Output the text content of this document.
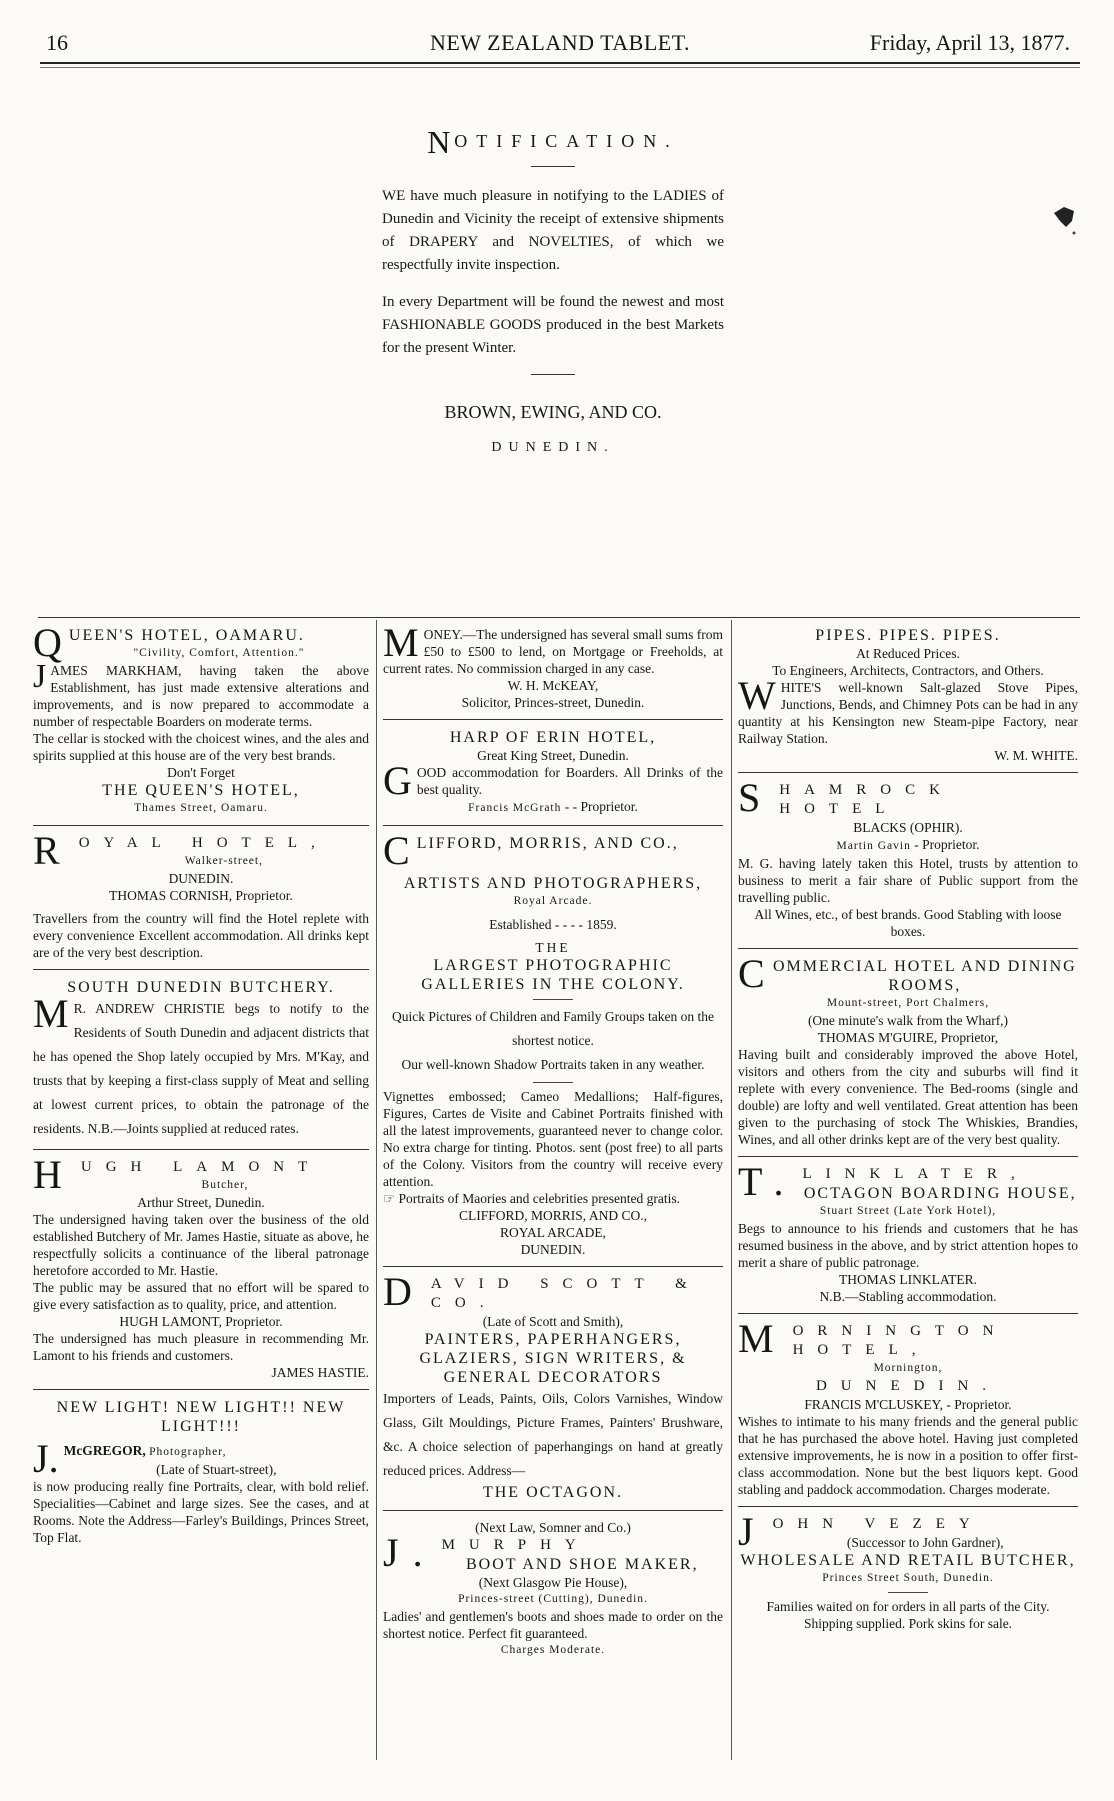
16	NEW ZEALAND TABLET.	Friday, April 13, 1877.
NOTIFICATION.

WE have much pleasure in notifying to the LADIES of Dunedin and Vicinity the receipt of extensive shipments of DRAPERY and NOVELTIES, of which we respectfully invite inspection.

In every Department will be found the newest and most FASHIONABLE GOODS produced in the best Markets for the present Winter.

BROWN, EWING, AND CO.
DUNEDIN.
QUEEN'S HOTEL, OAMARU.
"Civility, Comfort, Attention."
JAMES MARKHAM, having taken the above Establishment, has just made extensive alterations and improvements, and is now prepared to accommodate a number of respectable Boarders on moderate terms.
The cellar is stocked with the choicest wines, and the ales and spirits supplied at this house are of the very best brands.
Don't Forget
THE QUEEN'S HOTEL,
Thames Street, Oamaru.
ROYAL HOTEL,
Walker-street,
DUNEDIN.
THOMAS CORNISH, Proprietor.
Travellers from the country will find the Hotel replete with every convenience Excellent accommodation. All drinks kept are of the very best description.
SOUTH DUNEDIN BUTCHERY.
M R. ANDREW CHRISTIE begs to notify to the Residents of South Dunedin and adjacent districts that he has opened the Shop lately occupied by Mrs. M'Kay, and trusts that by keeping a first-class supply of Meat and selling at lowest current prices, to obtain the patronage of the residents. N.B.—Joints supplied at reduced rates.
HUGH LAMONT
Butcher,
Arthur Street, Dunedin.
The undersigned having taken over the business of the old established Butchery of Mr. James Hastie, situate as above, he respectfully solicits a continuance of the liberal patronage heretofore accorded to Mr. Hastie.
The public may be assured that no effort will be spared to give every satisfaction as to quality, price, and attention.
HUGH LAMONT, Proprietor.
The undersigned has much pleasure in recommending Mr. Lamont to his friends and customers.
JAMES HASTIE.
NEW LIGHT! NEW LIGHT!! NEW LIGHT!!!
J. McGREGOR, Photographer,
(Late of Stuart-street),
is now producing really fine Portraits, clear, with bold relief. Specialities—Cabinet and large sizes. See the cases, and at Rooms. Note the Address—Farley's Buildings, Princes Street, Top Flat.
MONEY.—The undersigned has several small sums from £50 to £500 to lend, on Mortgage or Freeholds, at current rates. No commission charged in any case.
W. H. McKEAY,
Solicitor, Princes-street, Dunedin.
HARP OF ERIN HOTEL,
Great King Street, Dunedin.
GOOD accommodation for Boarders. All Drinks of the best quality.
Francis McGrath - - Proprietor.
CLIFFORD, MORRIS, AND CO.,
ARTISTS AND PHOTOGRAPHERS,
Royal Arcade.
Established - - - - 1859.
THE
LARGEST PHOTOGRAPHIC GALLERIES IN THE COLONY.
Quick Pictures of Children and Family Groups taken on the shortest notice.
Our well-known Shadow Portraits taken in any weather.
Vignettes embossed; Cameo Medallions; Half-figures, Figures, Cartes de Visite and Cabinet Portraits finished with all the latest improvements, guaranteed never to change color. No extra charge for tinting. Photos. sent (post free) to all parts of the Colony. Visitors from the country will receive every attention.
☞ Portraits of Maories and celebrities presented gratis.
CLIFFORD, MORRIS, AND CO.,
ROYAL ARCADE,
DUNEDIN.
DAVID SCOTT & CO.
(Late of Scott and Smith),
PAINTERS, PAPERHANGERS, GLAZIERS, SIGN WRITERS, & GENERAL DECORATORS
Importers of Leads, Paints, Oils, Colors Varnishes, Window Glass, Gilt Mouldings, Picture Frames, Painters' Brushware, &c. A choice selection of paperhangings on hand at greatly reduced prices. Address—
THE OCTAGON.
(Next Law, Somner and Co.)
J. MURPHY
BOOT AND SHOE MAKER,
(Next Glasgow Pie House),
Princes-street (Cutting), Dunedin.
Ladies' and gentlemen's boots and shoes made to order on the shortest notice. Perfect fit guaranteed.
Charges Moderate.
PIPES. PIPES. PIPES.
At Reduced Prices.
To Engineers, Architects, Contractors, and Others.
WHITE'S well-known Salt-glazed Stove Pipes, Junctions, Bends, and Chimney Pots can be had in any quantity at his Kensington new Steam-pipe Factory, near Railway Station.
W. M. WHITE.
SHAMROCK HOTEL
BLACKS (OPHIR).
Martin Gavin - Proprietor.
M. G. having lately taken this Hotel, trusts by attention to business to merit a fair share of Public support from the travelling public.
All Wines, etc., of best brands. Good Stabling with loose boxes.
COMMERCIAL HOTEL AND DINING ROOMS,
Mount-street, Port Chalmers,
(One minute's walk from the Wharf,)
THOMAS M'GUIRE, Proprietor,
Having built and considerably improved the above Hotel, visitors and others from the city and suburbs will find it replete with every convenience. The Bed-rooms (single and double) are lofty and well ventilated. Great attention has been given to the purchasing of stock The Whiskies, Brandies, Wines, and all other drinks kept are of the very best quality.
T. LINKLATER,
OCTAGON BOARDING HOUSE,
Stuart Street (Late York Hotel),
Begs to announce to his friends and customers that he has resumed business in the above, and by strict attention hopes to merit a share of public patronage.
THOMAS LINKLATER.
N.B.—Stabling accommodation.
MORNINGTON HOTEL,
Mornington,
DUNEDIN.
FRANCIS M'CLUSKEY, - Proprietor.
Wishes to intimate to his many friends and the general public that he has purchased the above hotel. Having just completed extensive improvements, he is now in a position to offer first-class accommodation. None but the best liquors kept. Good stabling and paddock accommodation. Charges moderate.
JOHN VEZEY
(Successor to John Gardner),
WHOLESALE AND RETAIL BUTCHER,
Princes Street South, Dunedin.
Families waited on for orders in all parts of the City.
Shipping supplied. Pork skins for sale.
